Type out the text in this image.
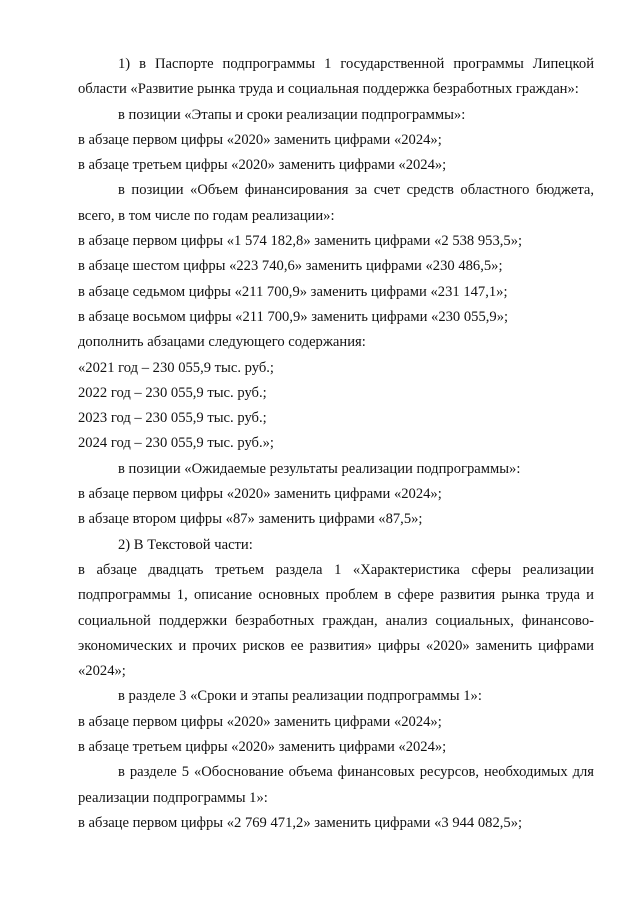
1) в Паспорте подпрограммы 1 государственной программы Липецкой области «Развитие рынка труда и социальная поддержка безработных граждан»:

в позиции «Этапы и сроки реализации подпрограммы»:

в абзаце первом цифры «2020» заменить цифрами «2024»;

в абзаце третьем цифры «2020» заменить цифрами «2024»;

в позиции «Объем финансирования за счет средств областного бюджета, всего, в том числе по годам реализации»:

в абзаце первом цифры «1 574 182,8» заменить цифрами «2 538 953,5»;

в абзаце шестом цифры «223 740,6» заменить цифрами «230 486,5»;

в абзаце седьмом цифры «211 700,9» заменить цифрами «231 147,1»;

в абзаце восьмом цифры «211 700,9» заменить цифрами «230 055,9»;

дополнить абзацами следующего содержания:

«2021 год – 230 055,9 тыс. руб.;

2022 год – 230 055,9 тыс. руб.;

2023 год – 230 055,9 тыс. руб.;

2024 год – 230 055,9 тыс. руб.»;

в позиции «Ожидаемые результаты реализации подпрограммы»:

в абзаце первом цифры «2020» заменить цифрами «2024»;

в абзаце втором цифры «87» заменить цифрами «87,5»;

2) В Текстовой части:

в абзаце двадцать третьем раздела 1 «Характеристика сферы реализации подпрограммы 1, описание основных проблем в сфере развития рынка труда и социальной поддержки безработных граждан, анализ социальных, финансово-экономических и прочих рисков ее развития» цифры «2020» заменить цифрами «2024»;

в разделе 3 «Сроки и этапы реализации подпрограммы 1»:

в абзаце первом цифры «2020» заменить цифрами «2024»;

в абзаце третьем цифры «2020» заменить цифрами «2024»;

в разделе 5 «Обоснование объема финансовых ресурсов, необходимых для реализации подпрограммы 1»:

в абзаце первом цифры «2 769 471,2» заменить цифрами «3 944 082,5»;
